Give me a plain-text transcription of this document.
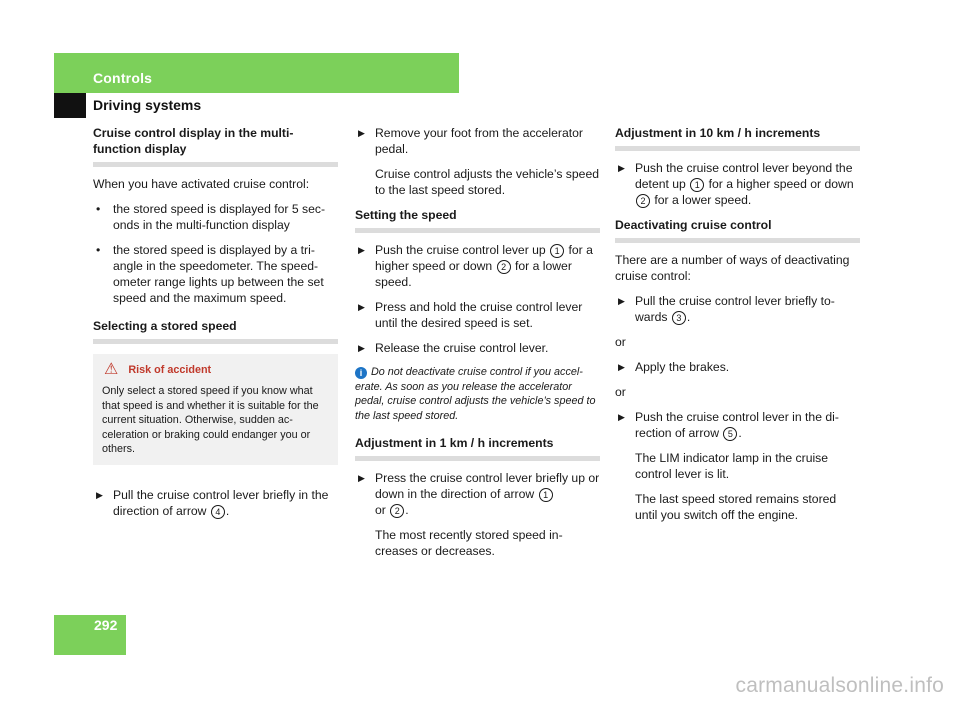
Controls
Driving systems
292
Cruise control display in the multi-function display

When you have activated cruise control:

• the stored speed is displayed for 5 sec-onds in the multi-function display
• the stored speed is displayed by a tri-angle in the speedometer. The speed-ometer range lights up between the set speed and the maximum speed.
Selecting a stored speed
⚠ Risk of accident
Only select a stored speed if you know what that speed is and whether it is suitable for the current situation. Otherwise, sudden ac-celeration or braking could endanger you or others.
▶ Pull the cruise control lever briefly in the direction of arrow 4 .
▶ Remove your foot from the accelerator pedal.

Cruise control adjusts the vehicle’s speed to the last speed stored.

Setting the speed
▶ Push the cruise control lever up 1 for a higher speed or down 2 for a lower speed.
▶ Press and hold the cruise control lever until the desired speed is set.
▶ Release the cruise control lever.
i Do not deactivate cruise control if you accel-erate. As soon as you release the accelerator pedal, cruise control adjusts the vehicle’s speed to the last speed stored.
Adjustment in 1 km / h increments
▶ Press the cruise control lever briefly up or down in the direction of arrow 1
or 2 .

The most recently stored speed in-creases or decreases.

Adjustment in 10 km / h increments
▶ Push the cruise control lever beyond the detent up 1 for a higher speed or down 2 for a lower speed.
Deactivating cruise control

There are a number of ways of deactivating cruise control:

▶ Pull the cruise control lever briefly to-wards 3 .

or

▶ Apply the brakes.

or

▶ Push the cruise control lever in the di-rection of arrow 5 .

The LIM indicator lamp in the cruise control lever is lit.

The last speed stored remains stored until you switch off the engine.

carmanualsonline.info
